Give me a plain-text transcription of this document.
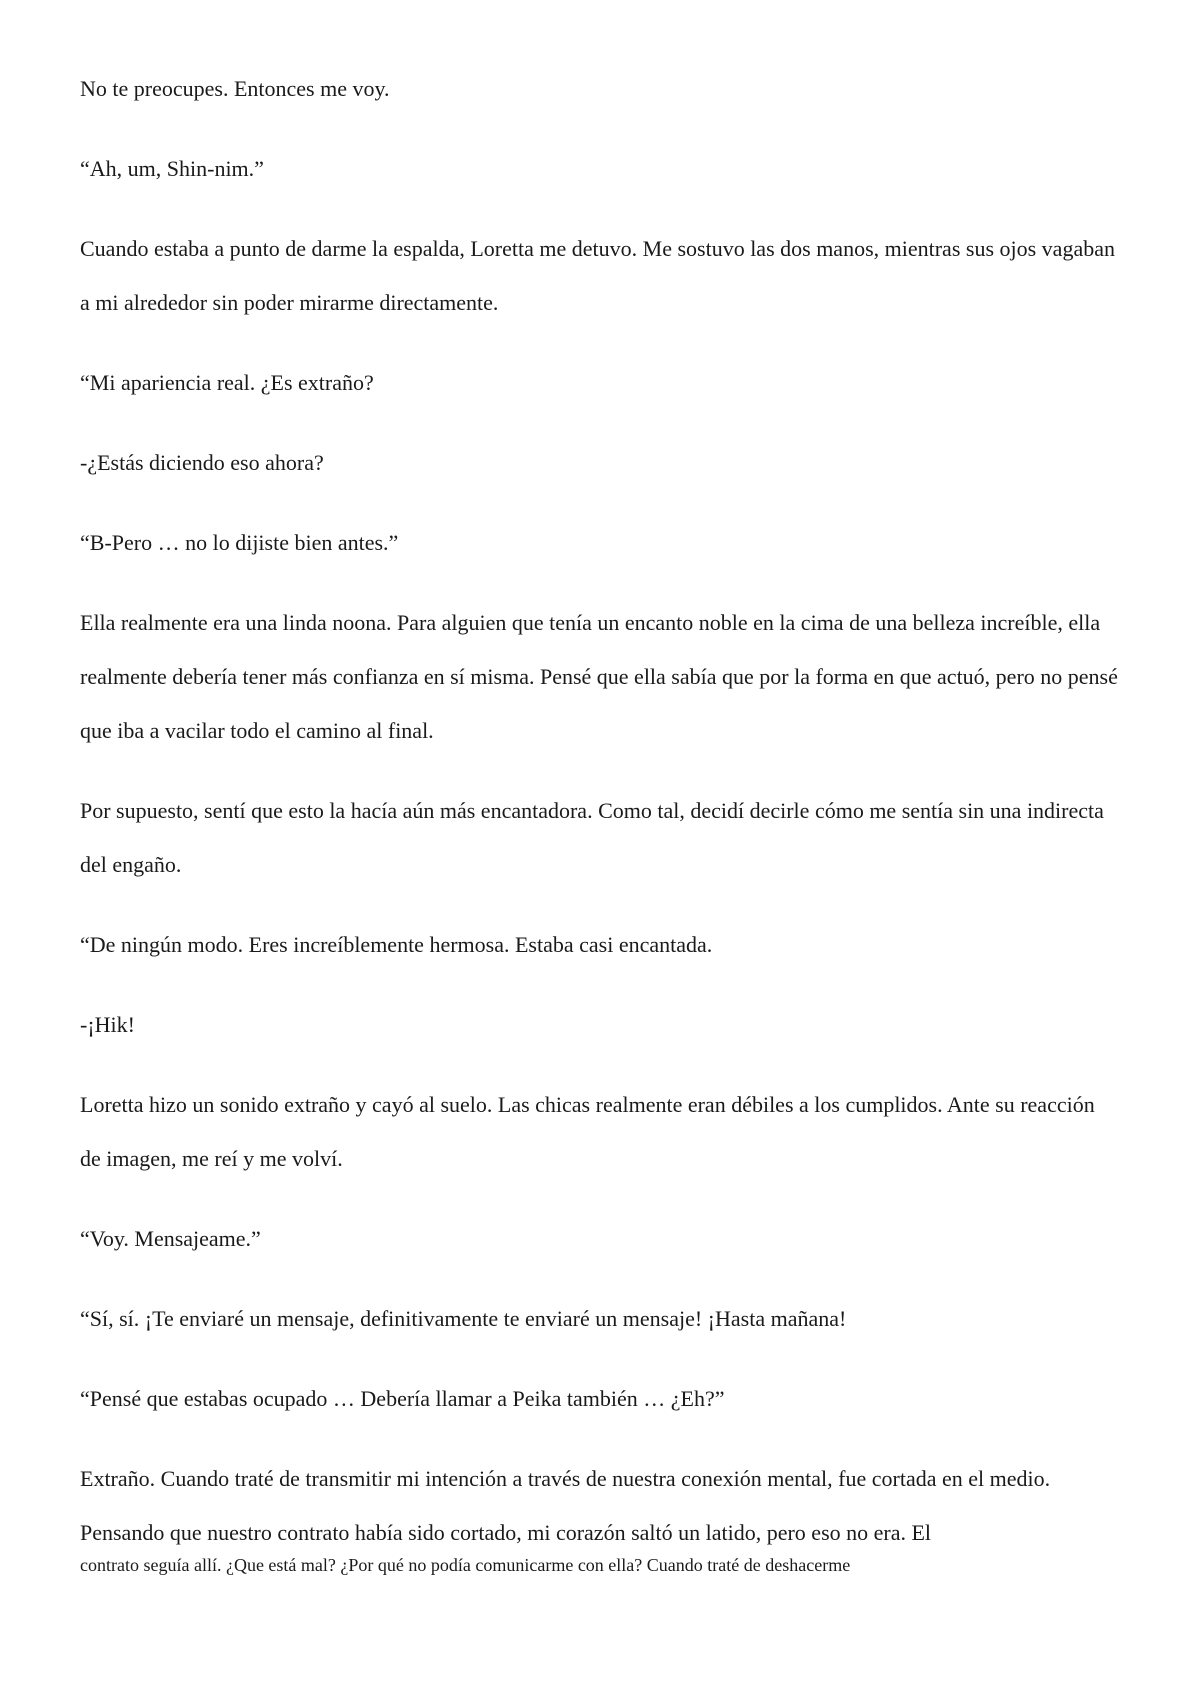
No te preocupes. Entonces me voy.

“Ah, um, Shin-nim.”

Cuando estaba a punto de darme la espalda, Loretta me detuvo. Me sostuvo las dos manos, mientras sus ojos vagaban a mi alrededor sin poder mirarme directamente.

“Mi apariencia real. ¿Es extraño?

-¿Estás diciendo eso ahora?

“B-Pero … no lo dijiste bien antes.”

Ella realmente era una linda noona. Para alguien que tenía un encanto noble en la cima de una belleza increíble, ella realmente debería tener más confianza en sí misma. Pensé que ella sabía que por la forma en que actuó, pero no pensé que iba a vacilar todo el camino al final.

Por supuesto, sentí que esto la hacía aún más encantadora. Como tal, decidí decirle cómo me sentía sin una indirecta del engaño.

“De ningún modo. Eres increíblemente hermosa. Estaba casi encantada.

-¡Hik!

Loretta hizo un sonido extraño y cayó al suelo. Las chicas realmente eran débiles a los cumplidos. Ante su reacción de imagen, me reí y me volví.

“Voy. Mensajeame.”

“Sí, sí. ¡Te enviaré un mensaje, definitivamente te enviaré un mensaje! ¡Hasta mañana!

“Pensé que estabas ocupado … Debería llamar a Peika también … ¿Eh?”

Extraño. Cuando traté de transmitir mi intención a través de nuestra conexión mental, fue cortada en el medio. Pensando que nuestro contrato había sido cortado, mi corazón saltó un latido, pero eso no era. El

contrato seguía allí. ¿Que está mal? ¿Por qué no podía comunicarme con ella? Cuando traté de deshacerme
